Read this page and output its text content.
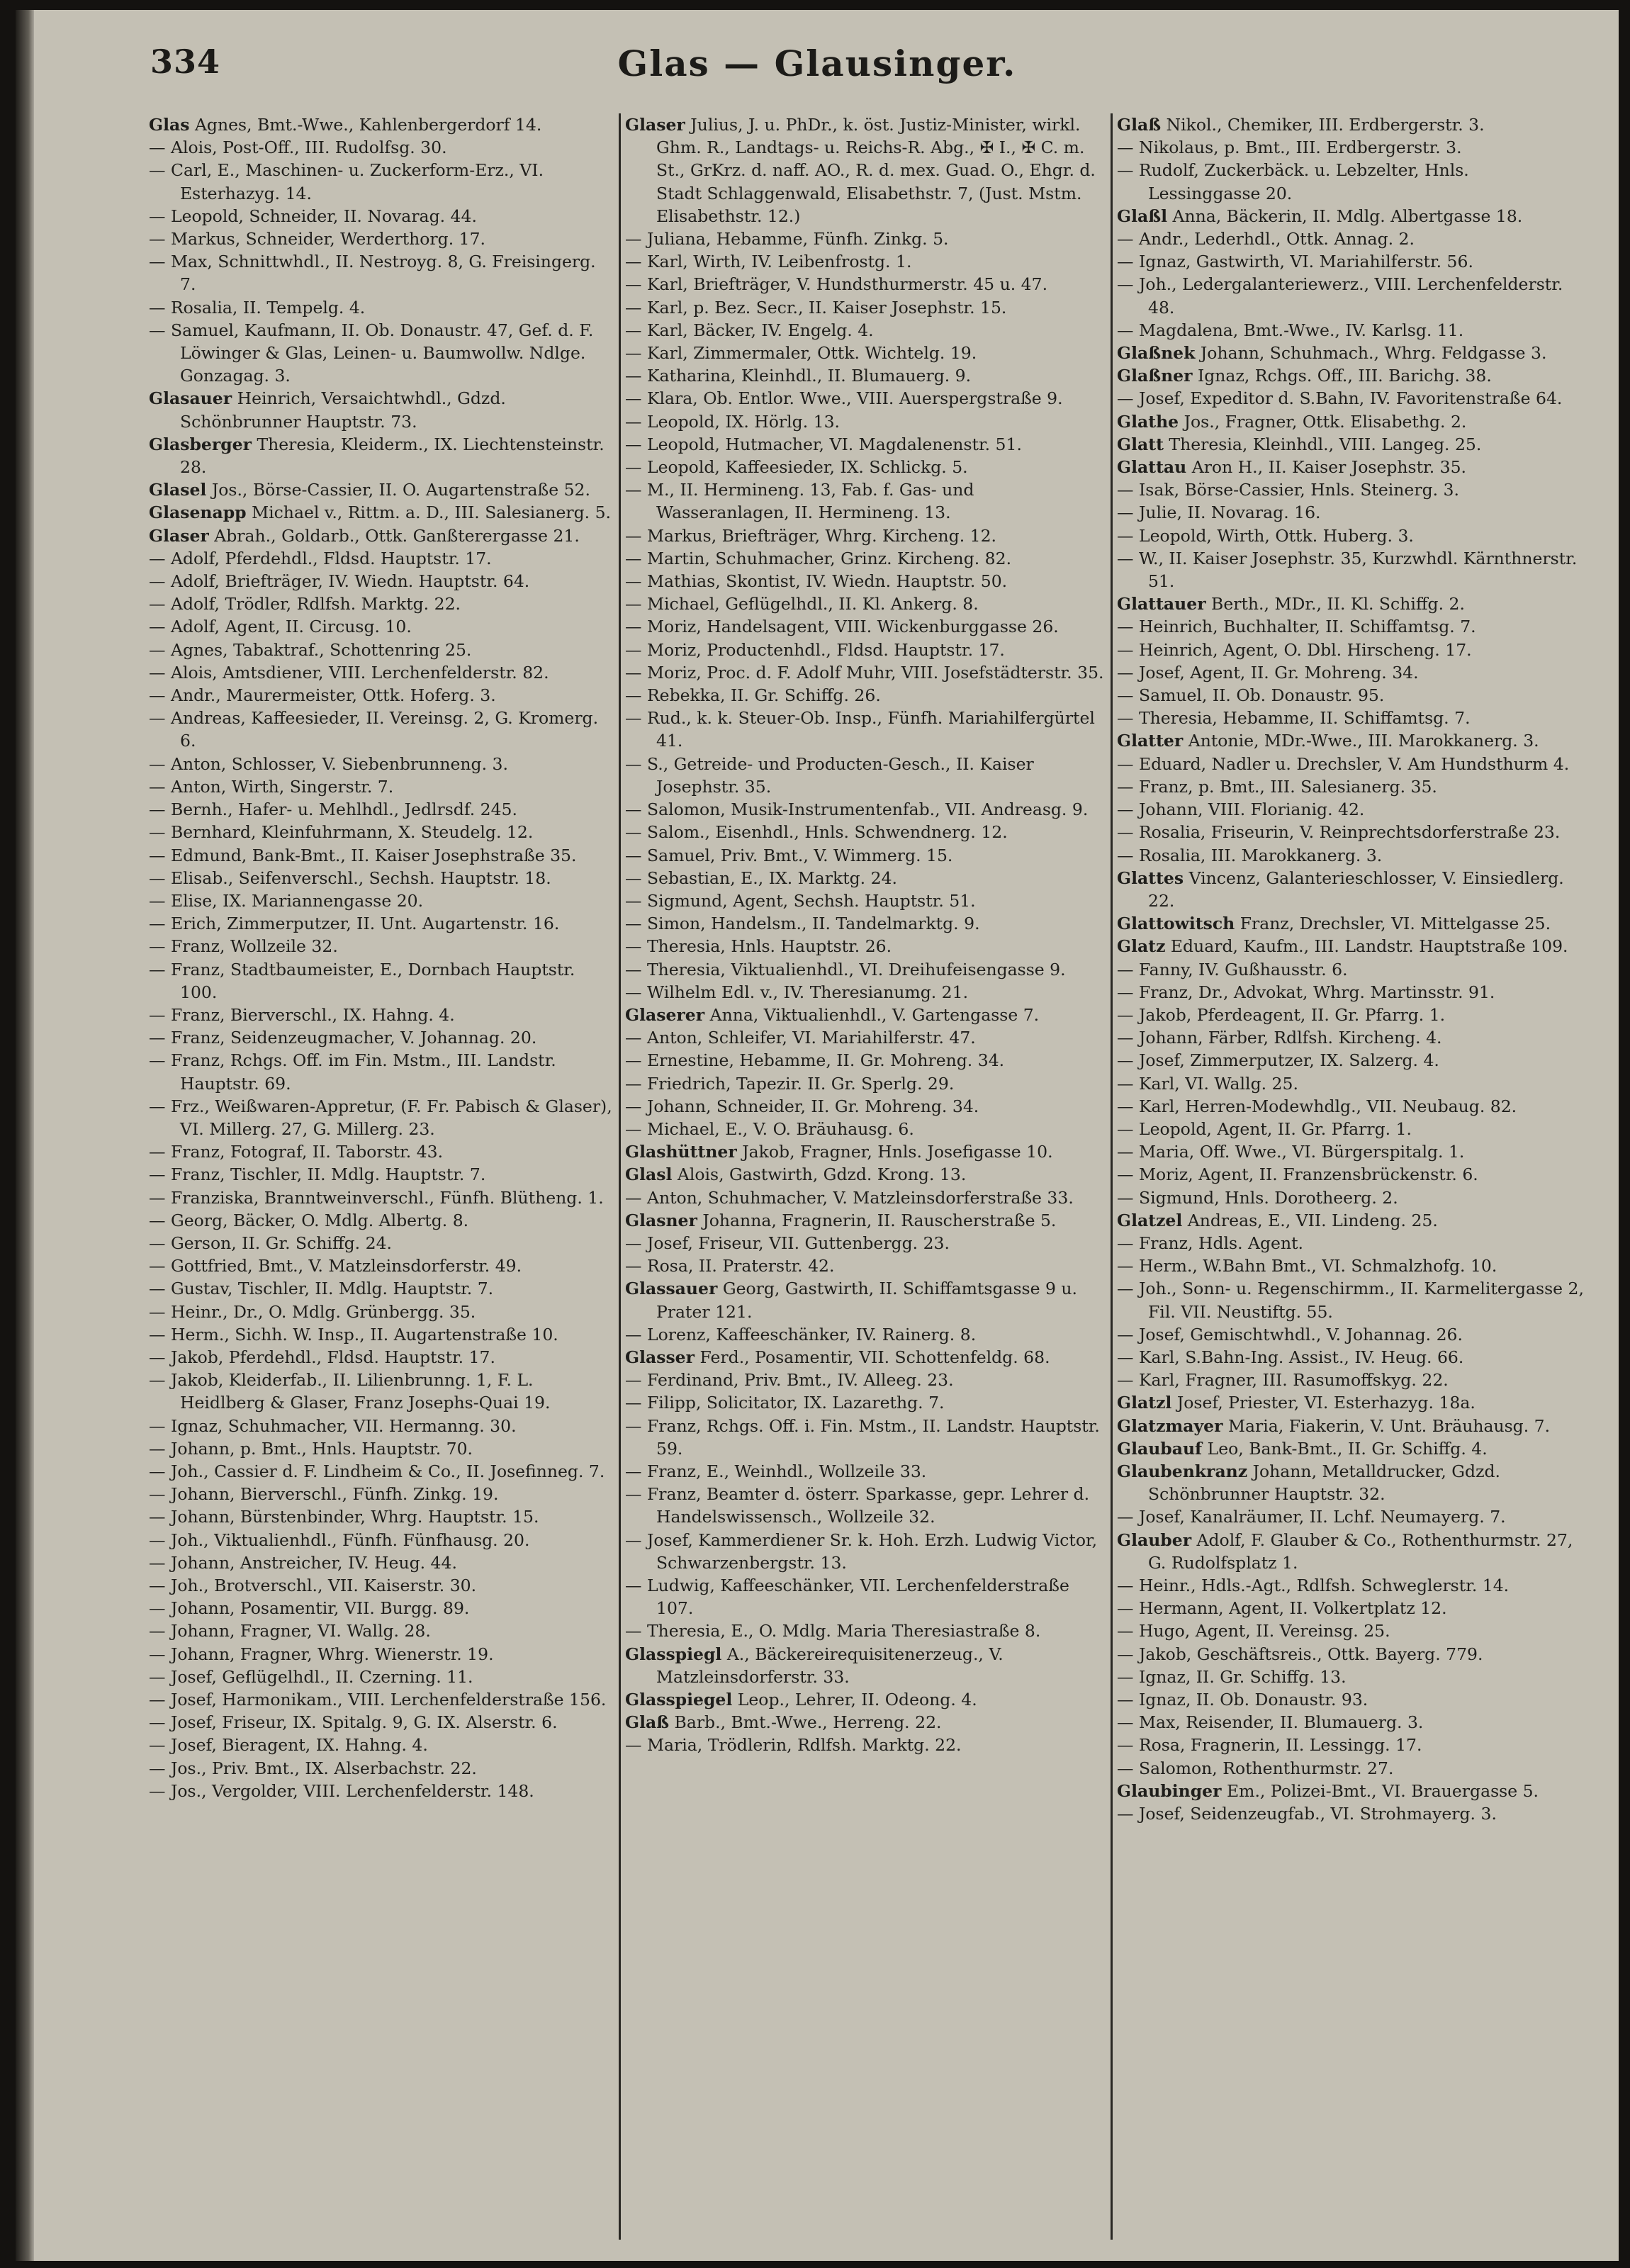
334	Glas — Glausinger.

Glas Agnes, Bmt.-Wwe., Kahlenbergerdorf 14.

— Alois, Post-Off., III. Rudolfsg. 30.

— Carl, E., Maschinen- u. Zuckerform-Erz., VI. Esterhazyg. 14.

— Leopold, Schneider, II. Novarag. 44.

— Markus, Schneider, Werderthorg. 17.

— Max, Schnittwhdl., II. Nestroyg. 8, G. Freisingerg. 7.

— Rosalia, II. Tempelg. 4.

— Samuel, Kaufmann, II. Ob. Donaustr. 47, Gef. d. F. Löwinger & Glas, Leinen- u. Baumwollw. Ndlge. Gonzagag. 3.

Glasauer Heinrich, Versaichtwhdl., Gdzd. Schönbrunner Hauptstr. 73.

Glasberger Theresia, Kleiderm., IX. Liechtensteinstr. 28.

Glasel Jos., Börse-Cassier, II. O. Augartenstraße 52.

Glasenapp Michael v., Rittm. a. D., III. Salesianerg. 5.

Glaser Abrah., Goldarb., Ottk. Ganßterergasse 21.

— Adolf, Pferdehdl., Fldsd. Hauptstr. 17.

— Adolf, Briefträger, IV. Wiedn. Hauptstr. 64.

— Adolf, Trödler, Rdlfsh. Marktg. 22.

— Adolf, Agent, II. Circusg. 10.

— Agnes, Tabaktraf., Schottenring 25.

— Alois, Amtsdiener, VIII. Lerchenfelderstr. 82.

— Andr., Maurermeister, Ottk. Hoferg. 3.

— Andreas, Kaffeesieder, II. Vereinsg. 2, G. Kromerg. 6.

— Anton, Schlosser, V. Siebenbrunneng. 3.

— Anton, Wirth, Singerstr. 7.

— Bernh., Hafer- u. Mehlhdl., Jedlrsdf. 245.

— Bernhard, Kleinfuhrmann, X. Steudelg. 12.

— Edmund, Bank-Bmt., II. Kaiser Josephstraße 35.

— Elisab., Seifenverschl., Sechsh. Hauptstr. 18.

— Elise, IX. Mariannengasse 20.

— Erich, Zimmerputzer, II. Unt. Augartenstr. 16.

— Franz, Wollzeile 32.

— Franz, Stadtbaumeister, E., Dornbach Hauptstr. 100.

— Franz, Bierverschl., IX. Hahng. 4.

— Franz, Seidenzeugmacher, V. Johannag. 20.

— Franz, Rchgs. Off. im Fin. Mstm., III. Landstr. Hauptstr. 69.

— Frz., Weißwaren-Appretur, (F. Fr. Pabisch & Glaser), VI. Millerg. 27, G. Millerg. 23.

— Franz, Fotograf, II. Taborstr. 43.

— Franz, Tischler, II. Mdlg. Hauptstr. 7.

— Franziska, Branntweinverschl., Fünfh. Blütheng. 1.

— Georg, Bäcker, O. Mdlg. Albertg. 8.

— Gerson, II. Gr. Schiffg. 24.

— Gottfried, Bmt., V. Matzleinsdorferstr. 49.

— Gustav, Tischler, II. Mdlg. Hauptstr. 7.

— Heinr., Dr., O. Mdlg. Grünbergg. 35.

— Herm., Sichh. W. Insp., II. Augartenstraße 10.

— Jakob, Pferdehdl., Fldsd. Hauptstr. 17.

— Jakob, Kleiderfab., II. Lilienbrunng. 1, F. L. Heidlberg & Glaser, Franz Josephs-Quai 19.

— Ignaz, Schuhmacher, VII. Hermanng. 30.

— Johann, p. Bmt., Hnls. Hauptstr. 70.

— Joh., Cassier d. F. Lindheim & Co., II. Josefinneg. 7.

— Johann, Bierverschl., Fünfh. Zinkg. 19.

— Johann, Bürstenbinder, Whrg. Hauptstr. 15.

— Joh., Viktualienhdl., Fünfh. Fünfhausg. 20.

— Johann, Anstreicher, IV. Heug. 44.

— Joh., Brotverschl., VII. Kaiserstr. 30.

— Johann, Posamentir, VII. Burgg. 89.

— Johann, Fragner, VI. Wallg. 28.

— Johann, Fragner, Whrg. Wienerstr. 19.

— Josef, Geflügelhdl., II. Czerning. 11.

— Josef, Harmonikam., VIII. Lerchenfelderstraße 156.

— Josef, Friseur, IX. Spitalg. 9, G. IX. Alserstr. 6.

— Josef, Bieragent, IX. Hahng. 4.

— Jos., Priv. Bmt., IX. Alserbachstr. 22.

— Jos., Vergolder, VIII. Lerchenfelderstr. 148.

Glaser Julius, J. u. PhDr., k. öst. Justiz-Minister, wirkl. Ghm. R., Landtags- u. Reichs-R. Abg., ✠ I., ✠ C. m. St., GrKrz. d. naff. AO., R. d. mex. Guad. O., Ehgr. d. Stadt Schlaggenwald, Elisabethstr. 7, (Just. Mstm. Elisabethstr. 12.)

— Juliana, Hebamme, Fünfh. Zinkg. 5.

— Karl, Wirth, IV. Leibenfrostg. 1.

— Karl, Briefträger, V. Hundsthurmerstr. 45 u. 47.

— Karl, p. Bez. Secr., II. Kaiser Josephstr. 15.

— Karl, Bäcker, IV. Engelg. 4.

— Karl, Zimmermaler, Ottk. Wichtelg. 19.

— Katharina, Kleinhdl., II. Blumauerg. 9.

— Klara, Ob. Entlor. Wwe., VIII. Auerspergstraße 9.

— Leopold, IX. Hörlg. 13.

— Leopold, Hutmacher, VI. Magdalenenstr. 51.

— Leopold, Kaffeesieder, IX. Schlickg. 5.

— M., II. Hermineng. 13, Fab. f. Gas- und Wasseranlagen, II. Hermineng. 13.

— Markus, Briefträger, Whrg. Kircheng. 12.

— Martin, Schuhmacher, Grinz. Kircheng. 82.

— Mathias, Skontist, IV. Wiedn. Hauptstr. 50.

— Michael, Geflügelhdl., II. Kl. Ankerg. 8.

— Moriz, Handelsagent, VIII. Wickenburggasse 26.

— Moriz, Productenhdl., Fldsd. Hauptstr. 17.

— Moriz, Proc. d. F. Adolf Muhr, VIII. Josefstädterstr. 35.

— Rebekka, II. Gr. Schiffg. 26.

— Rud., k. k. Steuer-Ob. Insp., Fünfh. Mariahilfergürtel 41.

— S., Getreide- und Producten-Gesch., II. Kaiser Josephstr. 35.

— Salomon, Musik-Instrumentenfab., VII. Andreasg. 9.

— Salom., Eisenhdl., Hnls. Schwendnerg. 12.

— Samuel, Priv. Bmt., V. Wimmerg. 15.

— Sebastian, E., IX. Marktg. 24.

— Sigmund, Agent, Sechsh. Hauptstr. 51.

— Simon, Handelsm., II. Tandelmarktg. 9.

— Theresia, Hnls. Hauptstr. 26.

— Theresia, Viktualienhdl., VI. Dreihufeisengasse 9.

— Wilhelm Edl. v., IV. Theresianumg. 21.

Glaserer Anna, Viktualienhdl., V. Gartengasse 7.

— Anton, Schleifer, VI. Mariahilferstr. 47.

— Ernestine, Hebamme, II. Gr. Mohreng. 34.

— Friedrich, Tapezir. II. Gr. Sperlg. 29.

— Johann, Schneider, II. Gr. Mohreng. 34.

— Michael, E., V. O. Bräuhausg. 6.

Glashüttner Jakob, Fragner, Hnls. Josefigasse 10.

Glasl Alois, Gastwirth, Gdzd. Krong. 13.

— Anton, Schuhmacher, V. Matzleinsdorferstraße 33.

Glasner Johanna, Fragnerin, II. Rauscherstraße 5.

— Josef, Friseur, VII. Guttenbergg. 23.

— Rosa, II. Praterstr. 42.

Glassauer Georg, Gastwirth, II. Schiffamtsgasse 9 u. Prater 121.

— Lorenz, Kaffeeschänker, IV. Rainerg. 8.

Glasser Ferd., Posamentir, VII. Schottenfeldg. 68.

— Ferdinand, Priv. Bmt., IV. Alleeg. 23.

— Filipp, Solicitator, IX. Lazarethg. 7.

— Franz, Rchgs. Off. i. Fin. Mstm., II. Landstr. Hauptstr. 59.

— Franz, E., Weinhdl., Wollzeile 33.

— Franz, Beamter d. österr. Sparkasse, gepr. Lehrer d. Handelswissensch., Wollzeile 32.

— Josef, Kammerdiener Sr. k. Hoh. Erzh. Ludwig Victor, Schwarzenbergstr. 13.

— Ludwig, Kaffeeschänker, VII. Lerchenfelderstraße 107.

— Theresia, E., O. Mdlg. Maria Theresiastraße 8.

Glasspiegl A., Bäckereirequisitenerzeug., V. Matzleinsdorferstr. 33.

Glasspiegel Leop., Lehrer, II. Odeong. 4.

Glaß Barb., Bmt.-Wwe., Herreng. 22.

— Maria, Trödlerin, Rdlfsh. Marktg. 22.

Glaß Nikol., Chemiker, III. Erdbergerstr. 3.

— Nikolaus, p. Bmt., III. Erdbergerstr. 3.

— Rudolf, Zuckerbäck. u. Lebzelter, Hnls. Lessinggasse 20.

Glaßl Anna, Bäckerin, II. Mdlg. Albertgasse 18.

— Andr., Lederhdl., Ottk. Annag. 2.

— Ignaz, Gastwirth, VI. Mariahilferstr. 56.

— Joh., Ledergalanteriewerz., VIII. Lerchenfelderstr. 48.

— Magdalena, Bmt.-Wwe., IV. Karlsg. 11.

Glaßnek Johann, Schuhmach., Whrg. Feldgasse 3.

Glaßner Ignaz, Rchgs. Off., III. Barichg. 38.

— Josef, Expeditor d. S.Bahn, IV. Favoritenstraße 64.

Glathe Jos., Fragner, Ottk. Elisabethg. 2.

Glatt Theresia, Kleinhdl., VIII. Langeg. 25.

Glattau Aron H., II. Kaiser Josephstr. 35.

— Isak, Börse-Cassier, Hnls. Steinerg. 3.

— Julie, II. Novarag. 16.

— Leopold, Wirth, Ottk. Huberg. 3.

— W., II. Kaiser Josephstr. 35, Kurzwhdl. Kärnthnerstr. 51.

Glattauer Berth., MDr., II. Kl. Schiffg. 2.

— Heinrich, Buchhalter, II. Schiffamtsg. 7.

— Heinrich, Agent, O. Dbl. Hirscheng. 17.

— Josef, Agent, II. Gr. Mohreng. 34.

— Samuel, II. Ob. Donaustr. 95.

— Theresia, Hebamme, II. Schiffamtsg. 7.

Glatter Antonie, MDr.-Wwe., III. Marokkanerg. 3.

— Eduard, Nadler u. Drechsler, V. Am Hundsthurm 4.

— Franz, p. Bmt., III. Salesianerg. 35.

— Johann, VIII. Florianig. 42.

— Rosalia, Friseurin, V. Reinprechtsdorferstraße 23.

— Rosalia, III. Marokkanerg. 3.

Glattes Vincenz, Galanterieschlosser, V. Einsiedlerg. 22.

Glattowitsch Franz, Drechsler, VI. Mittelgasse 25.

Glatz Eduard, Kaufm., III. Landstr. Hauptstraße 109.

— Fanny, IV. Gußhausstr. 6.

— Franz, Dr., Advokat, Whrg. Martinsstr. 91.

— Jakob, Pferdeagent, II. Gr. Pfarrg. 1.

— Johann, Färber, Rdlfsh. Kircheng. 4.

— Josef, Zimmerputzer, IX. Salzerg. 4.

— Karl, VI. Wallg. 25.

— Karl, Herren-Modewhdlg., VII. Neubaug. 82.

— Leopold, Agent, II. Gr. Pfarrg. 1.

— Maria, Off. Wwe., VI. Bürgerspitalg. 1.

— Moriz, Agent, II. Franzensbrückenstr. 6.

— Sigmund, Hnls. Dorotheerg. 2.

Glatzel Andreas, E., VII. Lindeng. 25.

— Franz, Hdls. Agent.

— Herm., W.Bahn Bmt., VI. Schmalzhofg. 10.

— Joh., Sonn- u. Regenschirmm., II. Karmelitergasse 2, Fil. VII. Neustiftg. 55.

— Josef, Gemischtwhdl., V. Johannag. 26.

— Karl, S.Bahn-Ing. Assist., IV. Heug. 66.

— Karl, Fragner, III. Rasumoffskyg. 22.

Glatzl Josef, Priester, VI. Esterhazyg. 18a.

Glatzmayer Maria, Fiakerin, V. Unt. Bräuhausg. 7.

Glaubauf Leo, Bank-Bmt., II. Gr. Schiffg. 4.

Glaubenkranz Johann, Metalldrucker, Gdzd. Schönbrunner Hauptstr. 32.

— Josef, Kanalräumer, II. Lchf. Neumayerg. 7.

Glauber Adolf, F. Glauber & Co., Rothenthurmstr. 27, G. Rudolfsplatz 1.

— Heinr., Hdls.-Agt., Rdlfsh. Schweglerstr. 14.

— Hermann, Agent, II. Volkertplatz 12.

— Hugo, Agent, II. Vereinsg. 25.

— Jakob, Geschäftsreis., Ottk. Bayerg. 779.

— Ignaz, II. Gr. Schiffg. 13.

— Ignaz, II. Ob. Donaustr. 93.

— Max, Reisender, II. Blumauerg. 3.

— Rosa, Fragnerin, II. Lessingg. 17.

— Salomon, Rothenthurmstr. 27.

Glaubinger Em., Polizei-Bmt., VI. Brauergasse 5.

— Josef, Seidenzeugfab., VI. Strohmayerg. 3.
